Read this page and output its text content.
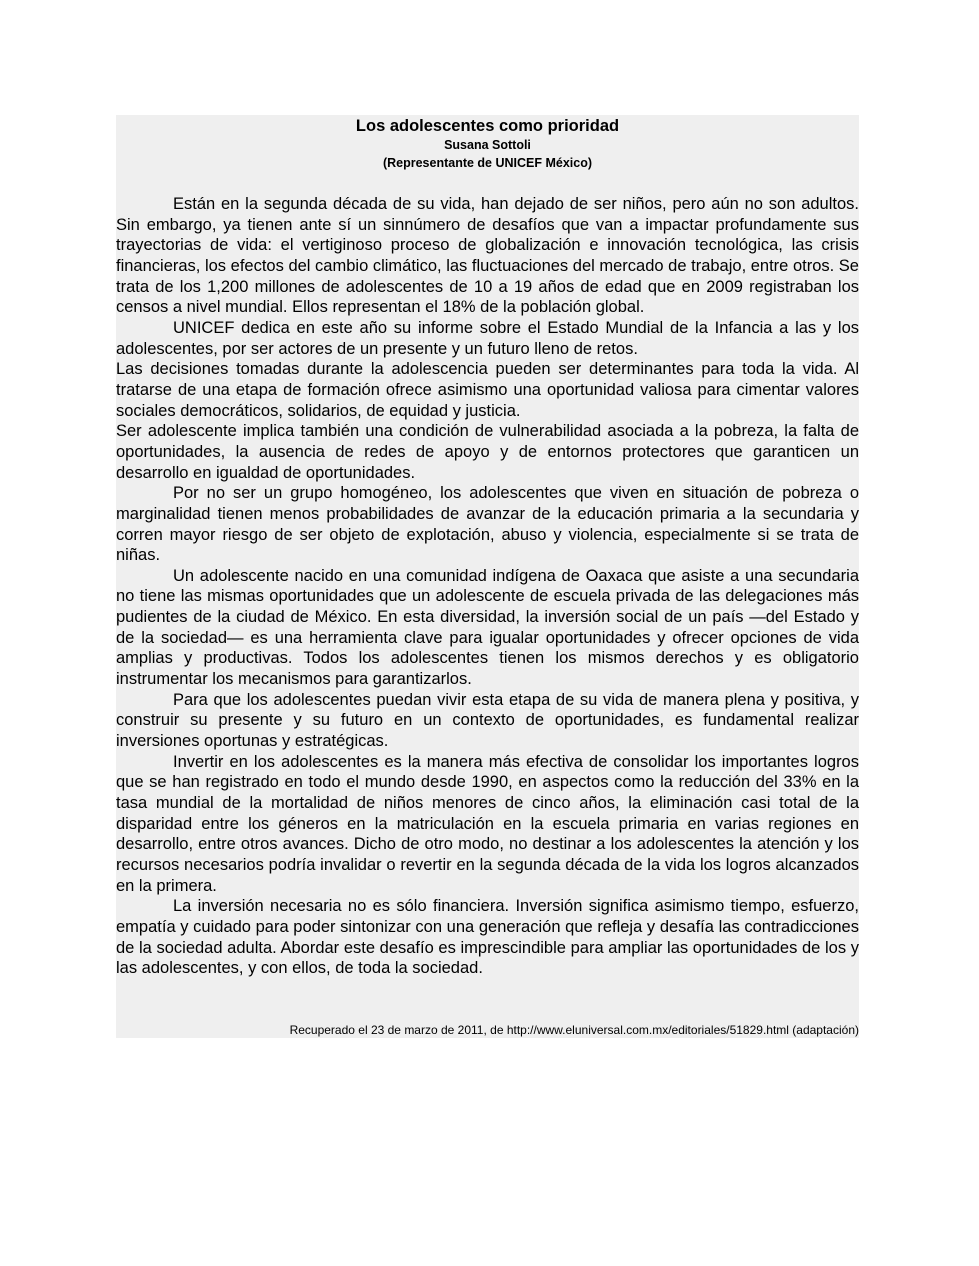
Los adolescentes como prioridad
Susana Sottoli
(Representante de UNICEF México)

Están en la segunda década de su vida, han dejado de ser niños, pero aún no son adultos. Sin embargo, ya tienen ante sí un sinnúmero de desafíos que van a impactar profundamente sus trayectorias de vida: el vertiginoso proceso de globalización e innovación tecnológica, las crisis financieras, los efectos del cambio climático, las fluctuaciones del mercado de trabajo, entre otros. Se trata de los 1,200 millones de adolescentes de 10 a 19 años de edad que en 2009 registraban los censos a nivel mundial. Ellos representan el 18% de la población global.

UNICEF dedica en este año su informe sobre el Estado Mundial de la Infancia a las y los adolescentes, por ser actores de un presente y un futuro lleno de retos.

Las decisiones tomadas durante la adolescencia pueden ser determinantes para toda la vida. Al tratarse de una etapa de formación ofrece asimismo una oportunidad valiosa para cimentar valores sociales democráticos, solidarios, de equidad y justicia.

Ser adolescente implica también una condición de vulnerabilidad asociada a la pobreza, la falta de oportunidades, la ausencia de redes de apoyo y de entornos protectores que garanticen un desarrollo en igualdad de oportunidades.

Por no ser un grupo homogéneo, los adolescentes que viven en situación de pobreza o marginalidad tienen menos probabilidades de avanzar de la educación primaria a la secundaria y corren mayor riesgo de ser objeto de explotación, abuso y violencia, especialmente si se trata de niñas.

Un adolescente nacido en una comunidad indígena de Oaxaca que asiste a una secundaria no tiene las mismas oportunidades que un adolescente de escuela privada de las delegaciones más pudientes de la ciudad de México. En esta diversidad, la inversión social de un país —del Estado y de la sociedad— es una herramienta clave para igualar oportunidades y ofrecer opciones de vida amplias y productivas. Todos los adolescentes tienen los mismos derechos y es obligatorio instrumentar los mecanismos para garantizarlos.

Para que los adolescentes puedan vivir esta etapa de su vida de manera plena y positiva, y construir su presente y su futuro en un contexto de oportunidades, es fundamental realizar inversiones oportunas y estratégicas.

Invertir en los adolescentes es la manera más efectiva de consolidar los importantes logros que se han registrado en todo el mundo desde 1990, en aspectos como la reducción del 33% en la tasa mundial de la mortalidad de niños menores de cinco años, la eliminación casi total de la disparidad entre los géneros en la matriculación en la escuela primaria en varias regiones en desarrollo, entre otros avances. Dicho de otro modo, no destinar a los adolescentes la atención y los recursos necesarios podría invalidar o revertir en la segunda década de la vida los logros alcanzados en la primera.

La inversión necesaria no es sólo financiera. Inversión significa asimismo tiempo, esfuerzo, empatía y cuidado para poder sintonizar con una generación que refleja y desafía las contradicciones de la sociedad adulta. Abordar este desafío es imprescindible para ampliar las oportunidades de los y las adolescentes, y con ellos, de toda la sociedad.

Recuperado el 23 de marzo de 2011, de http://www.eluniversal.com.mx/editoriales/51829.html (adaptación)
